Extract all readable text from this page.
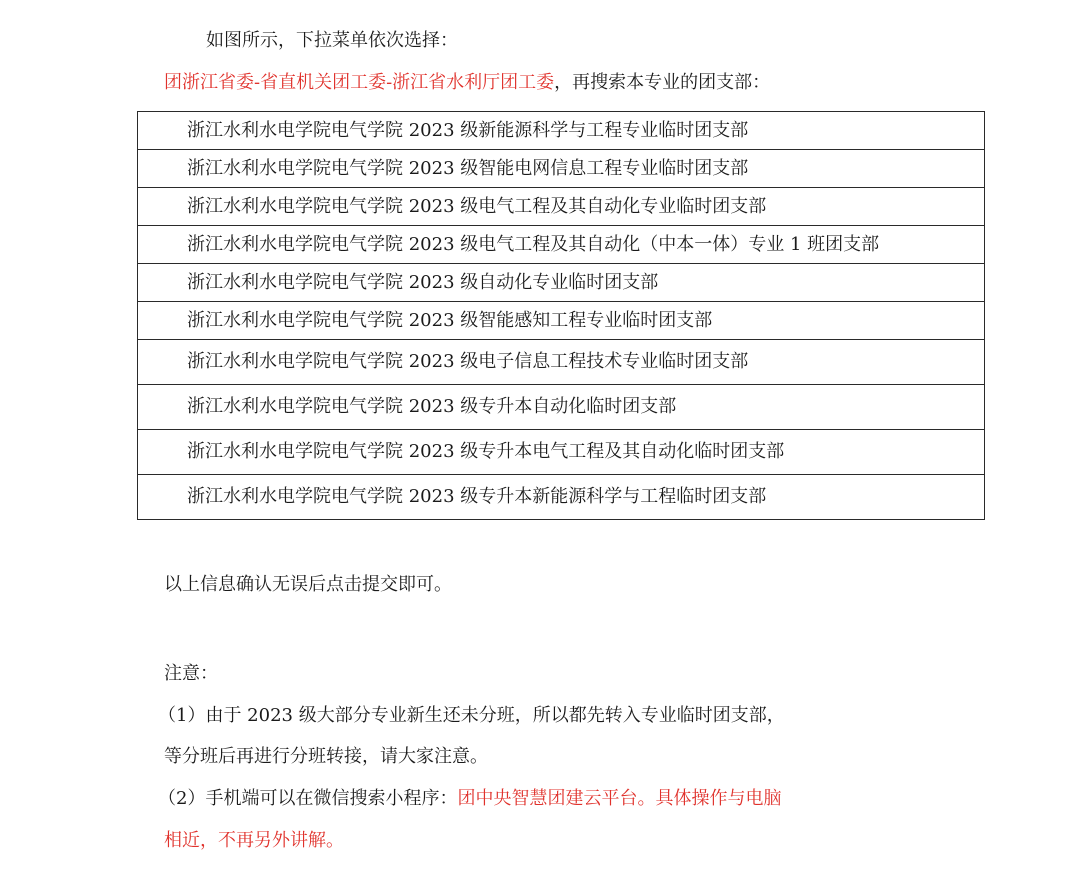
如图所示，下拉菜单依次选择：
团浙江省委-省直机关团工委-浙江省水利厅团工委，再搜索本专业的团支部：
浙江水利水电学院电气学院 2023 级新能源科学与工程专业临时团支部
浙江水利水电学院电气学院 2023 级智能电网信息工程专业临时团支部
浙江水利水电学院电气学院 2023 级电气工程及其自动化专业临时团支部
浙江水利水电学院电气学院 2023 级电气工程及其自动化（中本一体）专业 1 班团支部
浙江水利水电学院电气学院 2023 级自动化专业临时团支部
浙江水利水电学院电气学院 2023 级智能感知工程专业临时团支部
浙江水利水电学院电气学院 2023 级电子信息工程技术专业临时团支部
浙江水利水电学院电气学院 2023 级专升本自动化临时团支部
浙江水利水电学院电气学院 2023 级专升本电气工程及其自动化临时团支部
浙江水利水电学院电气学院 2023 级专升本新能源科学与工程临时团支部
以上信息确认无误后点击提交即可。
注意：
（1）由于 2023 级大部分专业新生还未分班，所以都先转入专业临时团支部，
等分班后再进行分班转接，请大家注意。
（2）手机端可以在微信搜索小程序：团中央智慧团建云平台。具体操作与电脑
相近，不再另外讲解。
